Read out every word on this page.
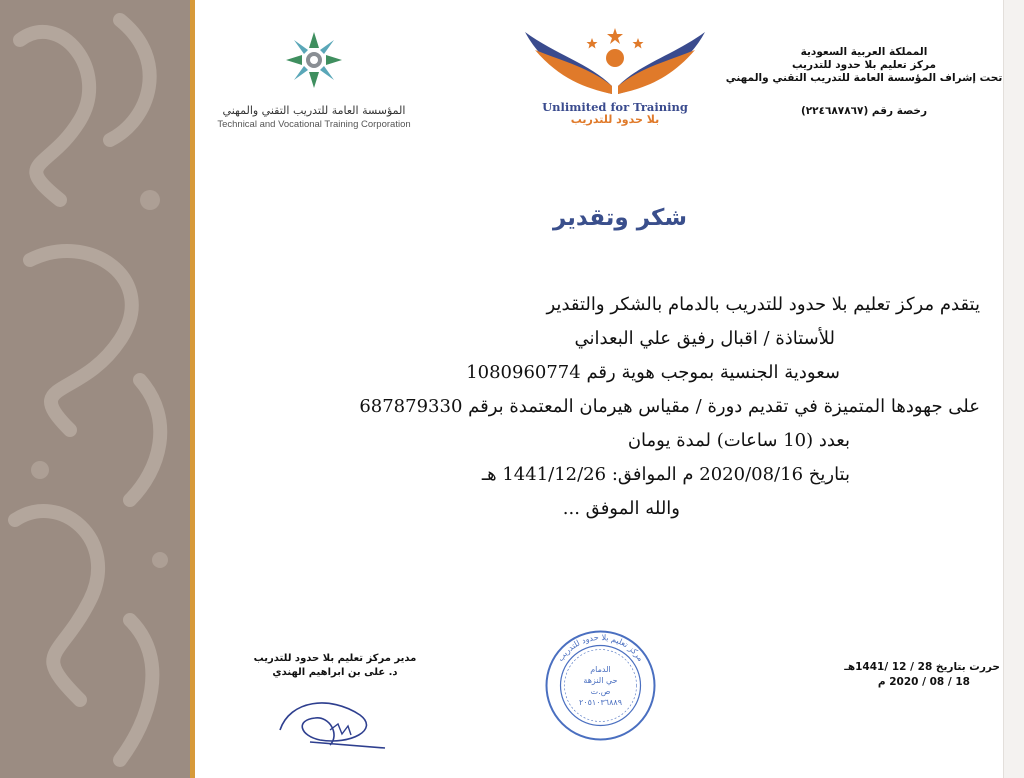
المؤسسة العامة للتدريب التقني والمهني
Technical and Vocational Training Corporation
Unlimited for Training
بلا حدود للتدريب
المملكة العربية السعودية
مركز تعليم بلا حدود للتدريب
تحت إشراف المؤسسة العامة للتدريب التقني والمهني
رخصة رقم (٢٢٤٦٨٧٨٦٧)
شكر وتقدير
يتقدم مركز تعليم بلا حدود للتدريب بالدمام بالشكر والتقدير
للأستاذة / اقبال رفيق علي البعداني
سعودية الجنسية بموجب هوية رقم 1080960774
على جهودها المتميزة في تقديم دورة / مقياس هيرمان المعتمدة برقم 687879330
بعدد (10 ساعات) لمدة يومان
بتاريخ 2020/08/16 م الموافق: 1441/12/26 هـ
والله الموفق ...
مدير مركز تعليم بلا حدود للتدريب
د. على بن ابراهيم الهندي
مركز تعليم بلا حدود للتدريب
الدمام
حي النزهة
ص.ت
٢٠٥١٠٣٦٨٨٩
حررت بتاريخ 28 / 12 /1441هـ
18 / 08 / 2020 م
